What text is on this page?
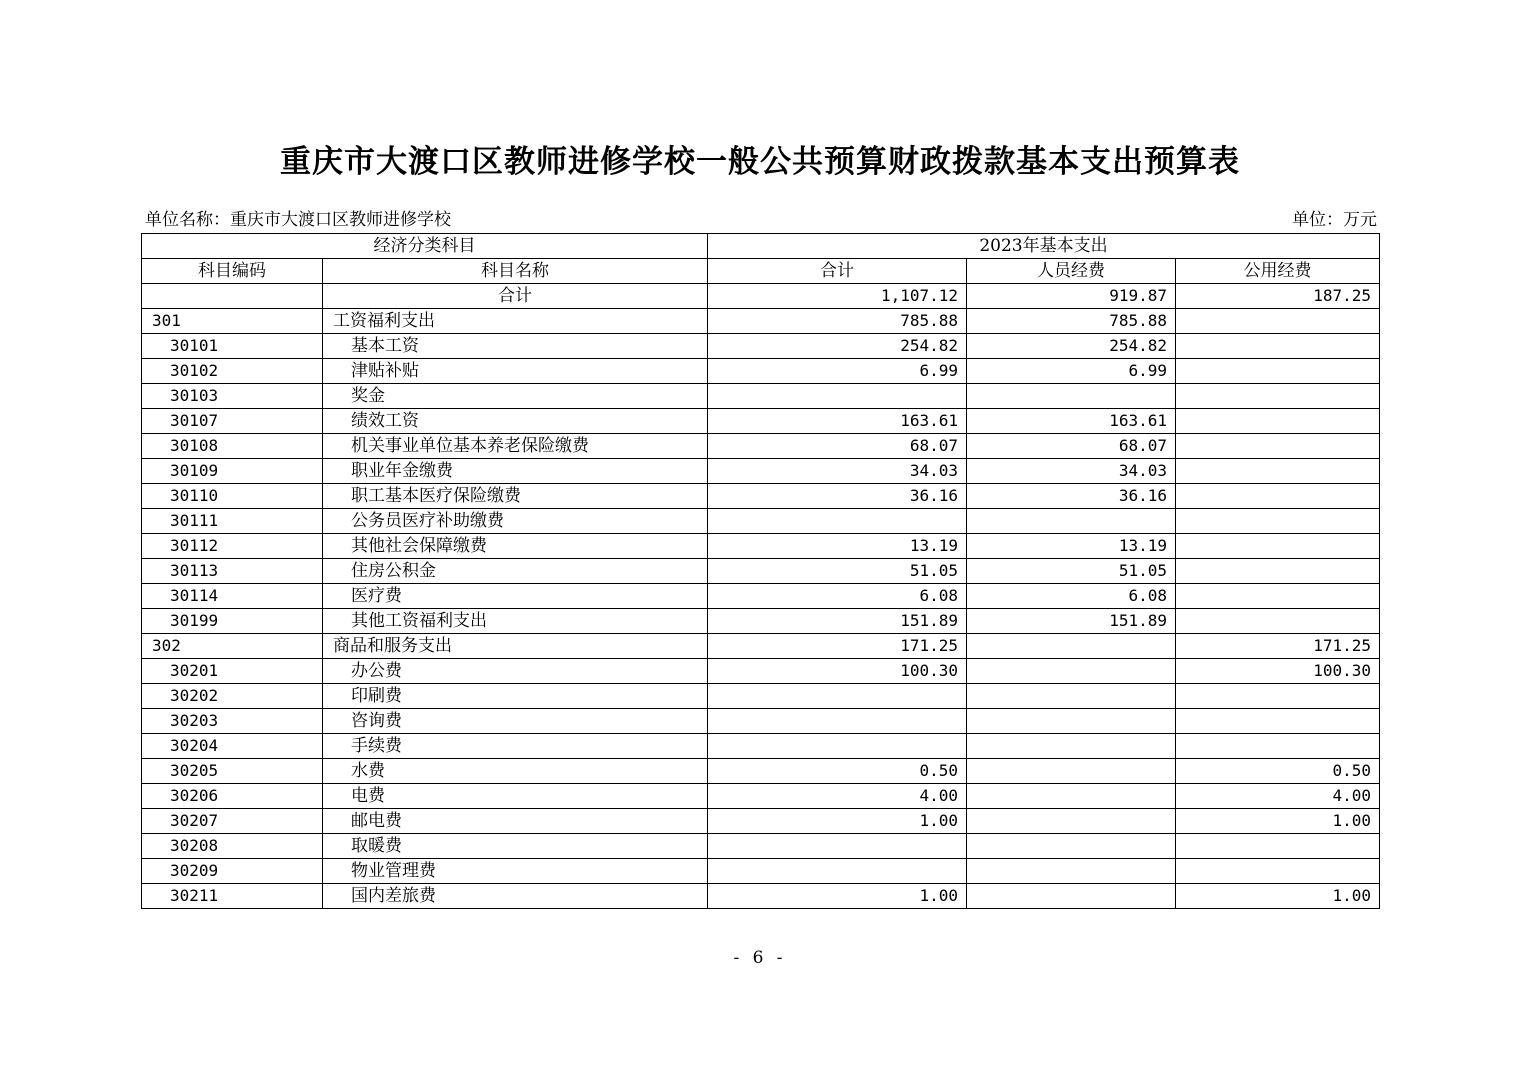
重庆市大渡口区教师进修学校一般公共预算财政拨款基本支出预算表
单位名称：重庆市大渡口区教师进修学校	单位：万元
经济分类科目		2023年基本支出		
科目编码	科目名称	合计	人员经费	公用经费
	合计	1,107.12	919.87	187.25
301	工资福利支出	785.88	785.88	
30101	基本工资	254.82	254.82	
30102	津贴补贴	6.99	6.99	
30103	奖金			
30107	绩效工资	163.61	163.61	
30108	机关事业单位基本养老保险缴费	68.07	68.07	
30109	职业年金缴费	34.03	34.03	
30110	职工基本医疗保险缴费	36.16	36.16	
30111	公务员医疗补助缴费			
30112	其他社会保障缴费	13.19	13.19	
30113	住房公积金	51.05	51.05	
30114	医疗费	6.08	6.08	
30199	其他工资福利支出	151.89	151.89	
302	商品和服务支出	171.25		171.25
30201	办公费	100.30		100.30
30202	印刷费			
30203	咨询费			
30204	手续费			
30205	水费	0.50		0.50
30206	电费	4.00		4.00
30207	邮电费	1.00		1.00
30208	取暖费			
30209	物业管理费			
30211	国内差旅费	1.00		1.00
- 6 -
